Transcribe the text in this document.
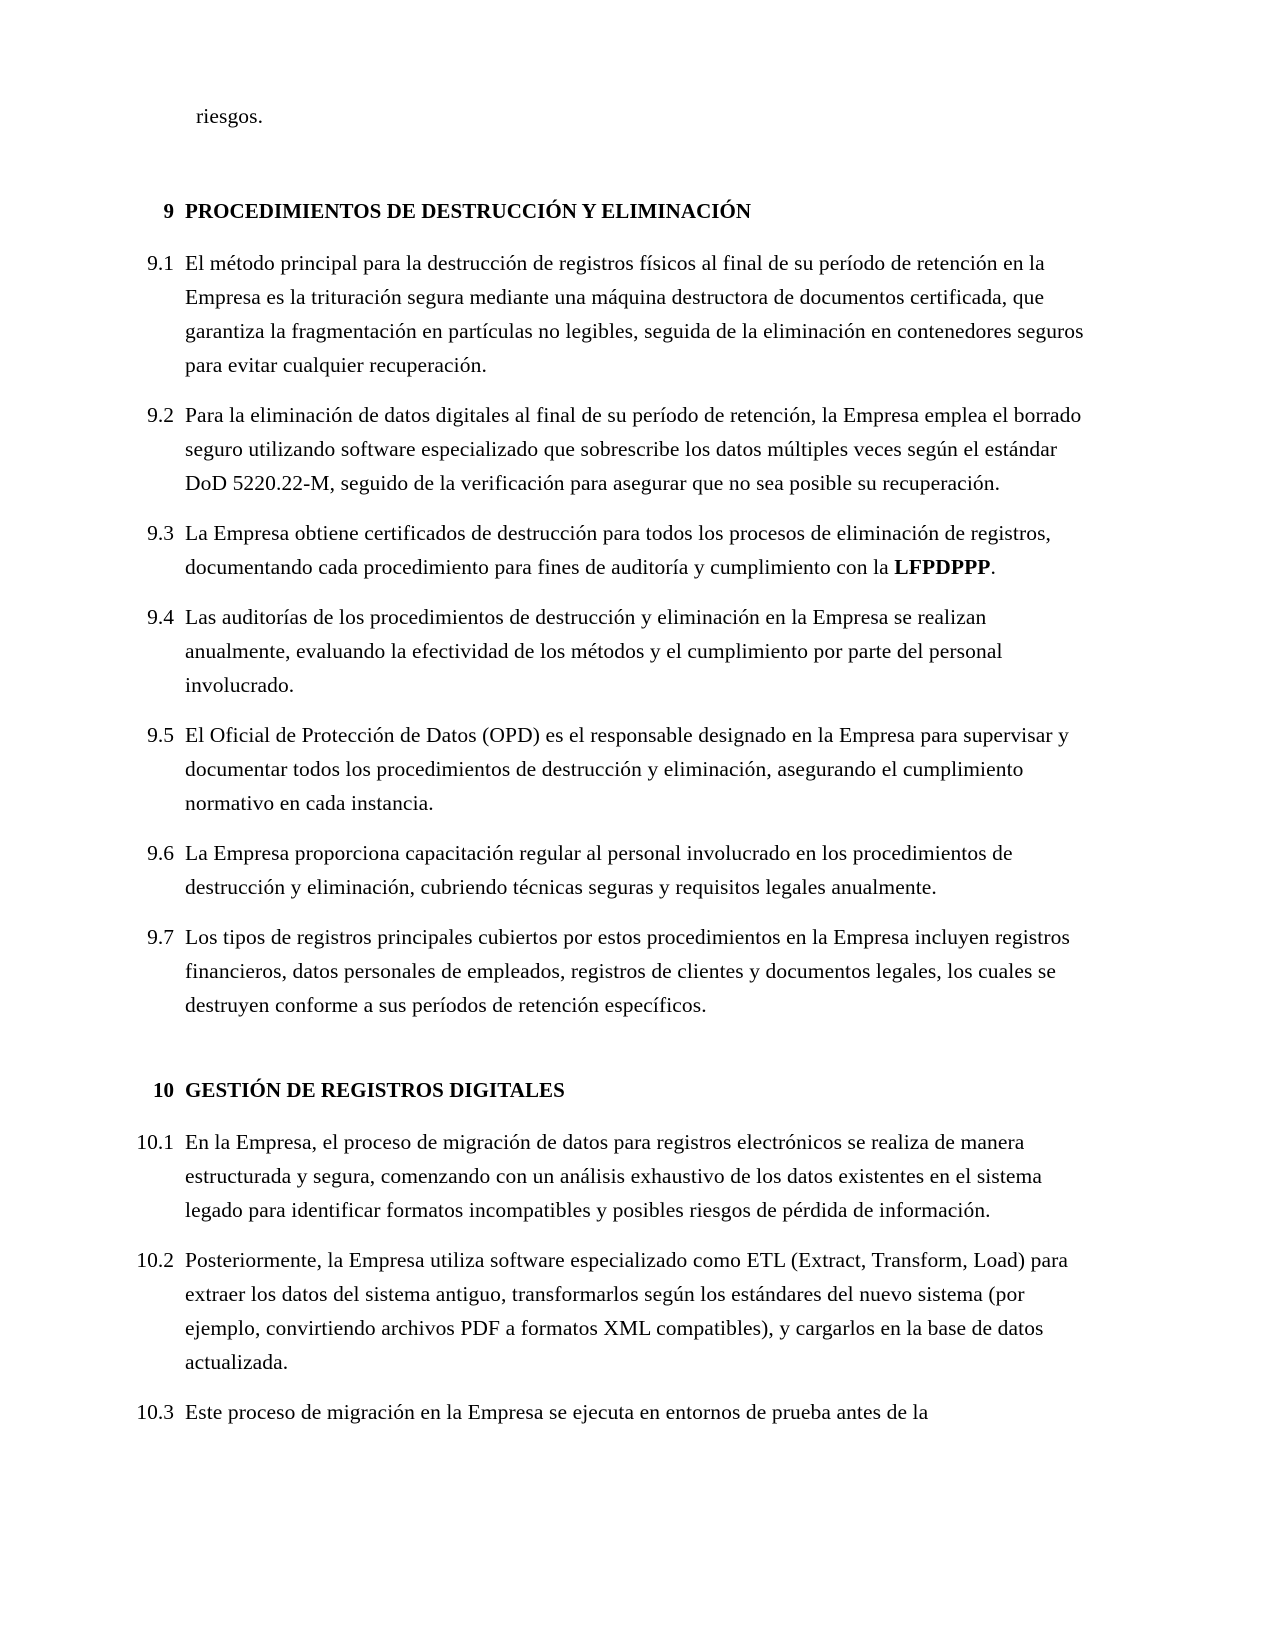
riesgos.

9 PROCEDIMIENTOS DE DESTRUCCIÓN Y ELIMINACIÓN
9.1 El método principal para la destrucción de registros físicos al final de su período de retención en la Empresa es la trituración segura mediante una máquina destructora de documentos certificada, que garantiza la fragmentación en partículas no legibles, seguida de la eliminación en contenedores seguros para evitar cualquier recuperación.
9.2 Para la eliminación de datos digitales al final de su período de retención, la Empresa emplea el borrado seguro utilizando software especializado que sobrescribe los datos múltiples veces según el estándar DoD 5220.22-M, seguido de la verificación para asegurar que no sea posible su recuperación.
9.3 La Empresa obtiene certificados de destrucción para todos los procesos de eliminación de registros, documentando cada procedimiento para fines de auditoría y cumplimiento con la LFPDPPP.
9.4 Las auditorías de los procedimientos de destrucción y eliminación en la Empresa se realizan anualmente, evaluando la efectividad de los métodos y el cumplimiento por parte del personal involucrado.
9.5 El Oficial de Protección de Datos (OPD) es el responsable designado en la Empresa para supervisar y documentar todos los procedimientos de destrucción y eliminación, asegurando el cumplimiento normativo en cada instancia.
9.6 La Empresa proporciona capacitación regular al personal involucrado en los procedimientos de destrucción y eliminación, cubriendo técnicas seguras y requisitos legales anualmente.
9.7 Los tipos de registros principales cubiertos por estos procedimientos en la Empresa incluyen registros financieros, datos personales de empleados, registros de clientes y documentos legales, los cuales se destruyen conforme a sus períodos de retención específicos.
10 GESTIÓN DE REGISTROS DIGITALES
10.1 En la Empresa, el proceso de migración de datos para registros electrónicos se realiza de manera estructurada y segura, comenzando con un análisis exhaustivo de los datos existentes en el sistema legado para identificar formatos incompatibles y posibles riesgos de pérdida de información.
10.2 Posteriormente, la Empresa utiliza software especializado como ETL (Extract, Transform, Load) para extraer los datos del sistema antiguo, transformarlos según los estándares del nuevo sistema (por ejemplo, convirtiendo archivos PDF a formatos XML compatibles), y cargarlos en la base de datos actualizada.
10.3 Este proceso de migración en la Empresa se ejecuta en entornos de prueba antes de la
